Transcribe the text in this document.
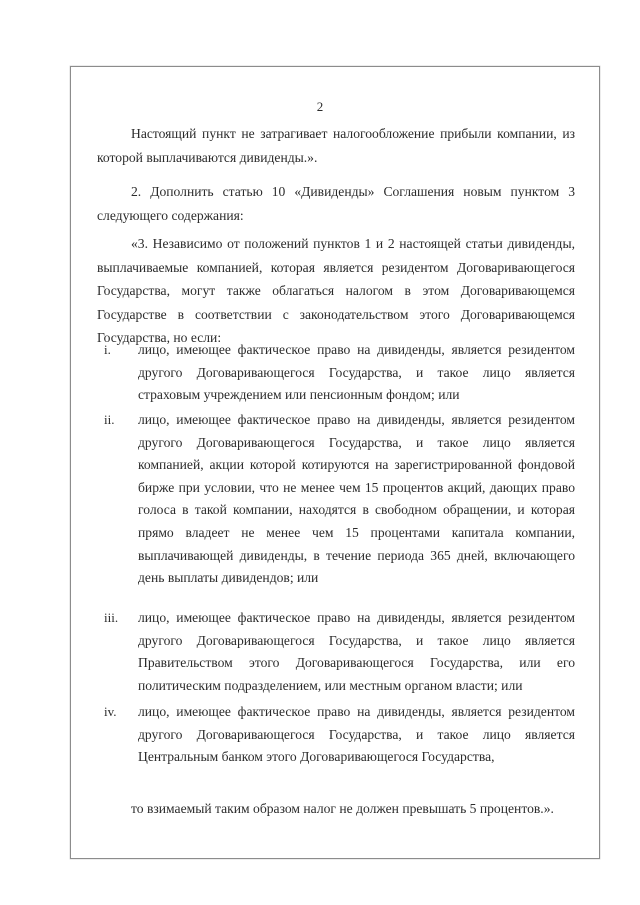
2
Настоящий пункт не затрагивает налогообложение прибыли компании, из которой выплачиваются дивиденды.».
2. Дополнить статью 10 «Дивиденды» Соглашения новым пунктом 3 следующего содержания:
«3. Независимо от положений пунктов 1 и 2 настоящей статьи дивиденды, выплачиваемые компанией, которая является резидентом Договаривающегося Государства, могут также облагаться налогом в этом Договаривающемся Государстве в соответствии с законодательством этого Договаривающемся Государства, но если:
i. лицо, имеющее фактическое право на дивиденды, является резидентом другого Договаривающегося Государства, и такое лицо является страховым учреждением или пенсионным фондом; или
ii. лицо, имеющее фактическое право на дивиденды, является резидентом другого Договаривающегося Государства, и такое лицо является компанией, акции которой котируются на зарегистрированной фондовой бирже при условии, что не менее чем 15 процентов акций, дающих право голоса в такой компании, находятся в свободном обращении, и которая прямо владеет не менее чем 15 процентами капитала компании, выплачивающей дивиденды, в течение периода 365 дней, включающего день выплаты дивидендов; или
iii. лицо, имеющее фактическое право на дивиденды, является резидентом другого Договаривающегося Государства, и такое лицо является Правительством этого Договаривающегося Государства, или его политическим подразделением, или местным органом власти; или
iv. лицо, имеющее фактическое право на дивиденды, является резидентом другого Договаривающегося Государства, и такое лицо является Центральным банком этого Договаривающегося Государства,
то взимаемый таким образом налог не должен превышать 5 процентов.».
